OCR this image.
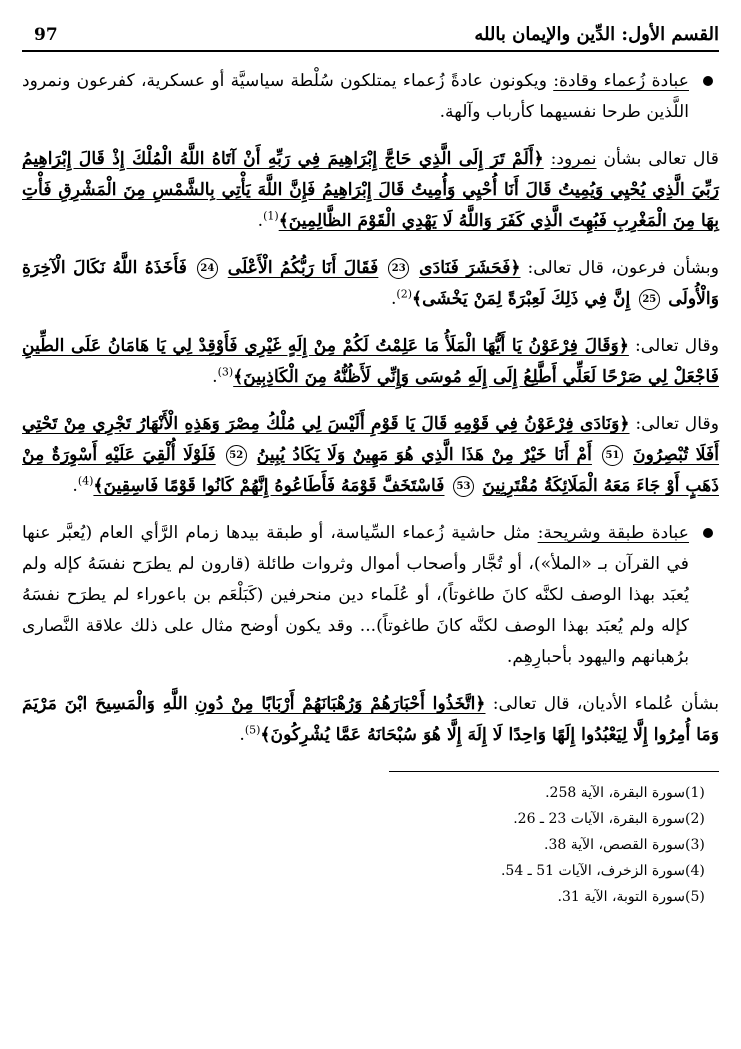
القسم الأول: الدِّين والإيمان بالله
97

عبادة زُعماء وقادة: ويكونون عادةً زُعماء يمتلكون سُلْطة سياسيَّة أو عسكرية، كفرعون ونمرود اللَّذين طرحا نفسيهما كأرباب وآلهة.

قال تعالى بشأن نمرود: ﴿أَلَمْ تَرَ إِلَى الَّذِي حَاجَّ إِبْرَاهِيمَ فِي رَبِّهِ أَنْ آتَاهُ اللَّهُ الْمُلْكَ إِذْ قَالَ إِبْرَاهِيمُ رَبِّيَ الَّذِي يُحْيِي وَيُمِيتُ قَالَ أَنَا أُحْيِي وَأُمِيتُ قَالَ إِبْرَاهِيمُ فَإِنَّ اللَّهَ يَأْتِي بِالشَّمْسِ مِنَ الْمَشْرِقِ فَأْتِ بِهَا مِنَ الْمَغْرِبِ فَبُهِتَ الَّذِي كَفَرَ وَاللَّهُ لَا يَهْدِي الْقَوْمَ الظَّالِمِينَ﴾$^{(1)}$.

وبشأن فرعون، قال تعالى: ﴿فَحَشَرَ فَنَادَى 23 فَقَالَ أَنَا رَبُّكُمُ الْأَعْلَى 24 فَأَخَذَهُ اللَّهُ نَكَالَ الْآخِرَةِ وَالْأُولَى 25 إِنَّ فِي ذَلِكَ لَعِبْرَةً لِمَنْ يَخْشَى﴾$^{(2)}$.

وقال تعالى: ﴿وَقَالَ فِرْعَوْنُ يَا أَيُّهَا الْمَلَأُ مَا عَلِمْتُ لَكُمْ مِنْ إِلَهٍ غَيْرِي فَأَوْقِدْ لِي يَا هَامَانُ عَلَى الطِّينِ فَاجْعَلْ لِي صَرْحًا لَعَلِّي أَطَّلِعُ إِلَى إِلَهِ مُوسَى وَإِنِّي لَأَظُنُّهُ مِنَ الْكَاذِبِينَ﴾$^{(3)}$.

وقال تعالى: ﴿وَنَادَى فِرْعَوْنُ فِي قَوْمِهِ قَالَ يَا قَوْمِ أَلَيْسَ لِي مُلْكُ مِصْرَ وَهَذِهِ الْأَنْهَارُ تَجْرِي مِنْ تَحْتِي أَفَلَا تُبْصِرُونَ 51 أَمْ أَنَا خَيْرٌ مِنْ هَذَا الَّذِي هُوَ مَهِينٌ وَلَا يَكَادُ يُبِينُ 52 فَلَوْلَا أُلْقِيَ عَلَيْهِ أَسْوِرَةٌ مِنْ ذَهَبٍ أَوْ جَاءَ مَعَهُ الْمَلَائِكَةُ مُقْتَرِنِينَ 53 فَاسْتَخَفَّ قَوْمَهُ فَأَطَاعُوهُ إِنَّهُمْ كَانُوا قَوْمًا فَاسِقِينَ﴾$^{(4)}$.

عبادة طبقة وشريحة: مثل حاشية زُعماء السِّياسة، أو طبقة بيدها زمام الرَّأي العام (يُعبَّر عنها في القرآن بـ «الملأ»)، أو تُجَّار وأصحاب أموال وثروات طائلة (قارون لم يطرَح نفسَهُ كإله ولم يُعبَد بهذا الوصف لكنَّه كانَ طاغوتاً)، أو عُلَماء دين منحرفين (كَبَلْعَم بن باعوراء لم يطرَح نفسَهُ كإله ولم يُعبَد بهذا الوصف لكنَّه كانَ طاغوتاً)... وقد يكون أوضح مثال على ذلك علاقة النَّصارى برُهبانهم واليهود بأحبارِهِم.

بشأن عُلماء الأديان، قال تعالى: ﴿اتَّخَذُوا أَحْبَارَهُمْ وَرُهْبَانَهُمْ أَرْبَابًا مِنْ دُونِ اللَّهِ وَالْمَسِيحَ ابْنَ مَرْيَمَ وَمَا أُمِرُوا إِلَّا لِيَعْبُدُوا إِلَهًا وَاحِدًا لَا إِلَهَ إِلَّا هُوَ سُبْحَانَهُ عَمَّا يُشْرِكُونَ﴾$^{(5)}$.

(1)سورة البقرة، الآية 258.
(2)سورة البقرة، الآيات 23 ـ 26.
(3)سورة القصص، الآية 38.
(4)سورة الزخرف، الآيات 51 ـ 54.
(5)سورة التوبة، الآية 31.
